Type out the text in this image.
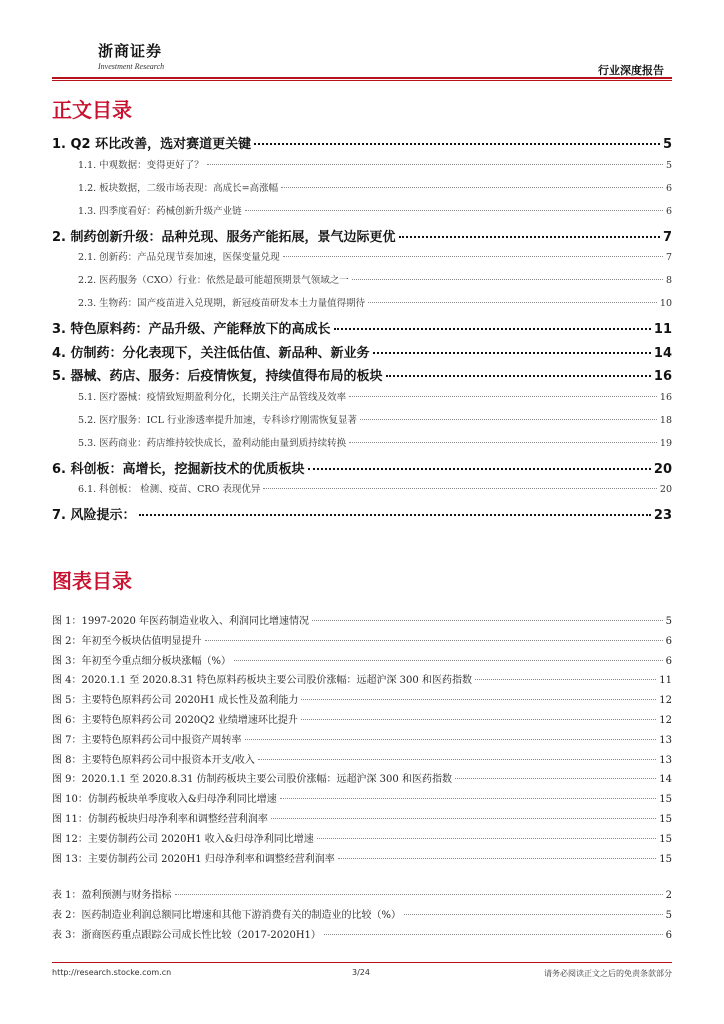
浙商证券
Investment Research	行业深度报告
正文目录
1. Q2 环比改善，选对赛道更关键	5
1.1. 中观数据：变得更好了？	5
1.2. 板块数据，二级市场表现：高成长=高涨幅	6
1.3. 四季度看好：药械创新升级产业链	6
2. 制药创新升级：品种兑现、服务产能拓展，景气边际更优	7
2.1. 创新药：产品兑现节奏加速，医保变量兑现	7
2.2. 医药服务（CXO）行业：依然是最可能超预期景气领域之一	8
2.3. 生物药：国产疫苗进入兑现期，新冠疫苗研发本土力量值得期待	10
3. 特色原料药：产品升级、产能释放下的高成长	11
4. 仿制药：分化表现下，关注低估值、新品种、新业务	14
5. 器械、药店、服务：后疫情恢复，持续值得布局的板块	16
5.1. 医疗器械：疫情致短期盈利分化，长期关注产品管线及效率	16
5.2. 医疗服务：ICL 行业渗透率提升加速，专科诊疗刚需恢复显著	18
5.3. 医药商业：药店维持较快成长，盈利动能由量到质持续转换	19
6. 科创板：高增长，挖掘新技术的优质板块	20
6.1. 科创板： 检测、疫苗、CRO 表现优异	20
7. 风险提示：	23
图表目录
图 1：1997-2020 年医药制造业收入、利润同比增速情况	5
图 2：年初至今板块估值明显提升	6
图 3：年初至今重点细分板块涨幅（%）	6
图 4：2020.1.1 至 2020.8.31 特色原料药板块主要公司股价涨幅：远超沪深 300 和医药指数	11
图 5：主要特色原料药公司 2020H1 成长性及盈利能力	12
图 6：主要特色原料药公司 2020Q2 业绩增速环比提升	12
图 7：主要特色原料药公司中报资产周转率	13
图 8：主要特色原料药公司中报资本开支/收入	13
图 9：2020.1.1 至 2020.8.31 仿制药板块主要公司股价涨幅：远超沪深 300 和医药指数	14
图 10：仿制药板块单季度收入&归母净利同比增速	15
图 11：仿制药板块归母净利率和调整经营利润率	15
图 12：主要仿制药公司 2020H1 收入&归母净利同比增速	15
图 13：主要仿制药公司 2020H1 归母净利率和调整经营利润率	15
表 1：盈利预测与财务指标	2
表 2：医药制造业利润总额同比增速和其他下游消费有关的制造业的比较（%）	5
表 3：浙商医药重点跟踪公司成长性比较（2017-2020H1）	6
http://research.stocke.com.cn	3/24	请务必阅读正文之后的免责条款部分
